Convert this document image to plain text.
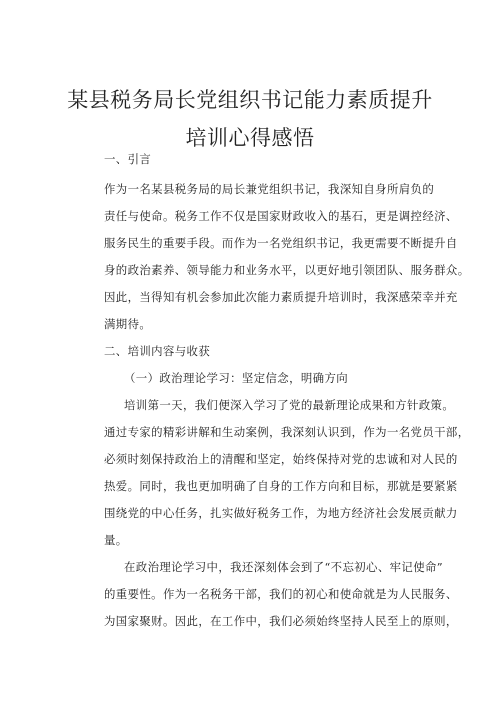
某县税务局长党组织书记能力素质提升
培训心得感悟
一、引言
作为一名某县税务局的局长兼党组织书记，我深知自身所肩负的
责任与使命。税务工作不仅是国家财政收入的基石，更是调控经济、
服务民生的重要手段。而作为一名党组织书记，我更需要不断提升自
身的政治素养、领导能力和业务水平，以更好地引领团队、服务群众。
因此，当得知有机会参加此次能力素质提升培训时，我深感荣幸并充
满期待。
二、培训内容与收获
（一）政治理论学习：坚定信念，明确方向
培训第一天，我们便深入学习了党的最新理论成果和方针政策。
通过专家的精彩讲解和生动案例，我深刻认识到，作为一名党员干部，
必须时刻保持政治上的清醒和坚定，始终保持对党的忠诚和对人民的
热爱。同时，我也更加明确了自身的工作方向和目标，那就是要紧紧
围绕党的中心任务，扎实做好税务工作，为地方经济社会发展贡献力
量。
在政治理论学习中，我还深刻体会到了“不忘初心、牢记使命”
的重要性。作为一名税务干部，我们的初心和使命就是为人民服务、
为国家聚财。因此，在工作中，我们必须始终坚持人民至上的原则，
